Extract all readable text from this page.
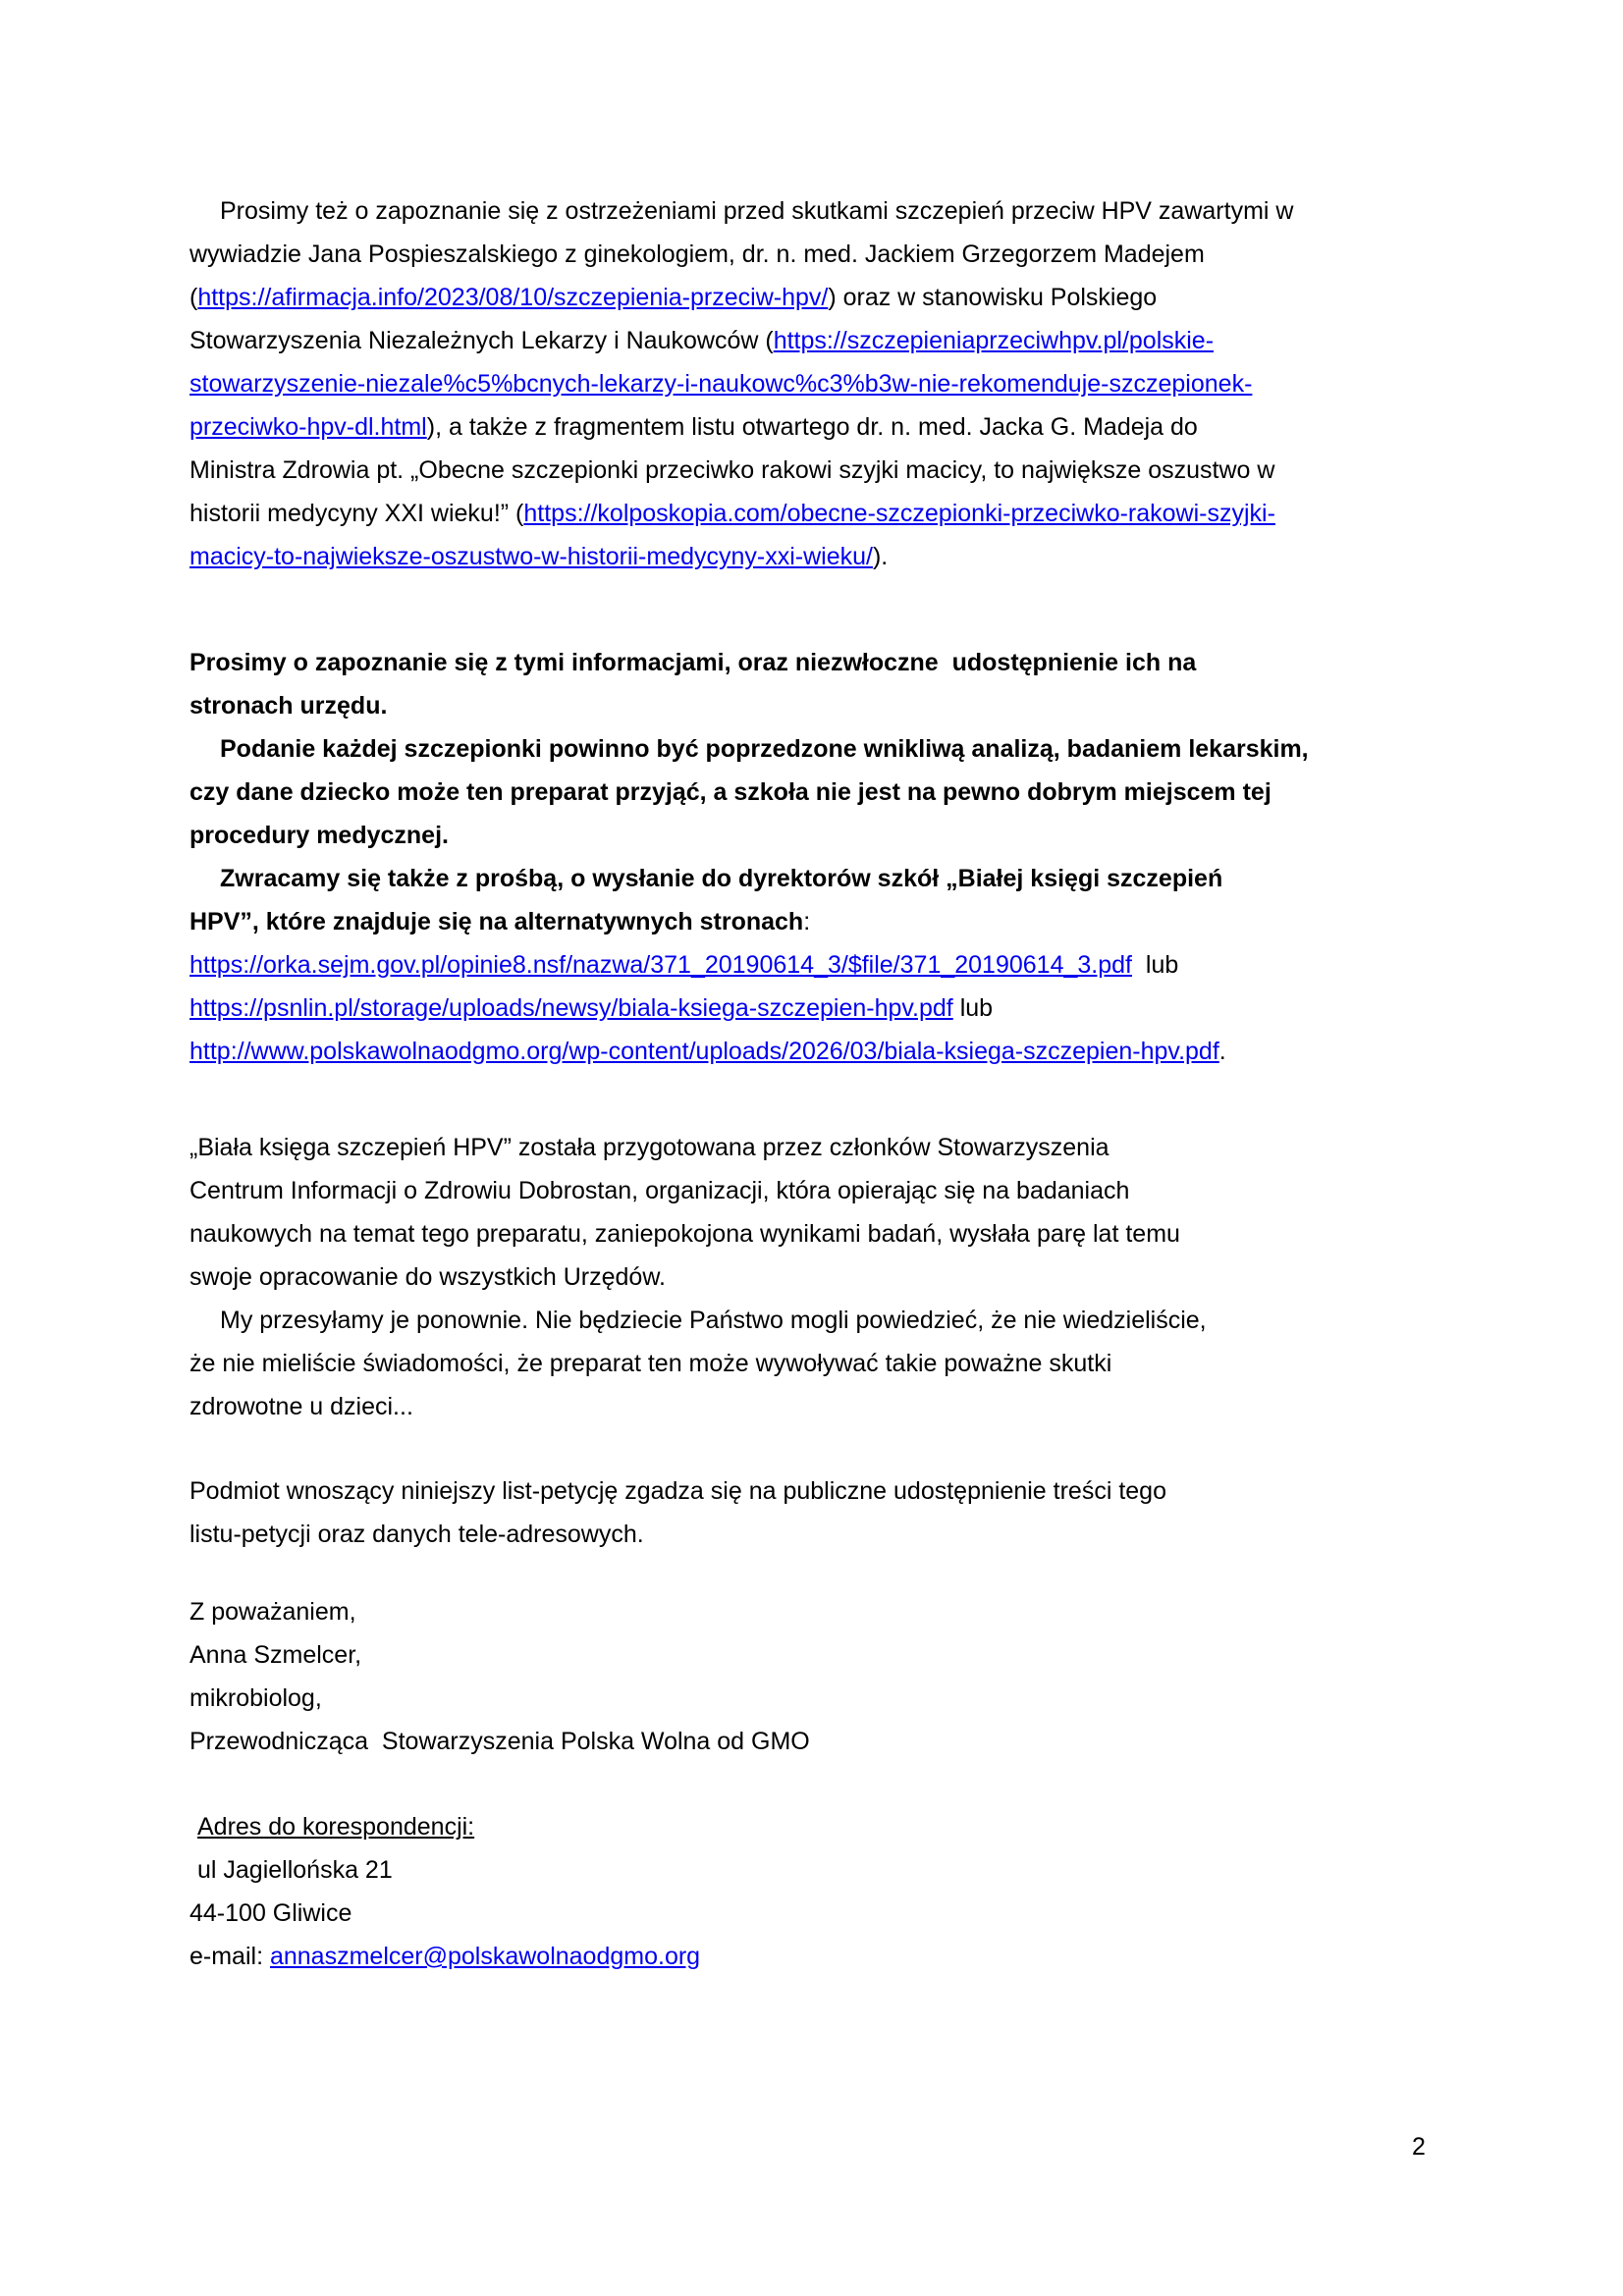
Prosimy też o zapoznanie się z ostrzeżeniami przed skutkami szczepień przeciw HPV zawartymi w
wywiadzie Jana Pospieszalskiego z ginekologiem, dr. n. med. Jackiem Grzegorzem Madejem
(https://afirmacja.info/2023/08/10/szczepienia-przeciw-hpv/) oraz w stanowisku Polskiego
Stowarzyszenia Niezależnych Lekarzy i Naukowców (https://szczepieniaprzeciwhpv.pl/polskie-
stowarzyszenie-niezale%c5%bcnych-lekarzy-i-naukowc%c3%b3w-nie-rekomenduje-szczepionek-
przeciwko-hpv-dl.html), a także z fragmentem listu otwartego dr. n. med. Jacka G. Madeja do
Ministra Zdrowia pt. „Obecne szczepionki przeciwko rakowi szyjki macicy, to największe oszustwo w
historii medycyny XXI wieku!” (https://kolposkopia.com/obecne-szczepionki-przeciwko-rakowi-szyjki-
macicy-to-najwieksze-oszustwo-w-historii-medycyny-xxi-wieku/).
Prosimy o zapoznanie się z tymi informacjami, oraz niezwłoczne  udostępnienie ich na
stronach urzędu.
Podanie każdej szczepionki powinno być poprzedzone wnikliwą analizą, badaniem lekarskim,
czy dane dziecko może ten preparat przyjąć, a szkoła nie jest na pewno dobrym miejscem tej
procedury medycznej.
Zwracamy się także z prośbą, o wysłanie do dyrektorów szkół „Białej księgi szczepień
HPV”, które znajduje się na alternatywnych stronach:
https://orka.sejm.gov.pl/opinie8.nsf/nazwa/371_20190614_3/$file/371_20190614_3.pdf  lub
https://psnlin.pl/storage/uploads/newsy/biala-ksiega-szczepien-hpv.pdf lub
http://www.polskawolnaodgmo.org/wp-content/uploads/2026/03/biala-ksiega-szczepien-hpv.pdf.
„Biała księga szczepień HPV” została przygotowana przez członków Stowarzyszenia
Centrum Informacji o Zdrowiu Dobrostan, organizacji, która opierając się na badaniach
naukowych na temat tego preparatu, zaniepokojona wynikami badań, wysłała parę lat temu
swoje opracowanie do wszystkich Urzędów.
My przesyłamy je ponownie. Nie będziecie Państwo mogli powiedzieć, że nie wiedzieliście,
że nie mieliście świadomości, że preparat ten może wywoływać takie poważne skutki
zdrowotne u dzieci...
Podmiot wnoszący niniejszy list-petycję zgadza się na publiczne udostępnienie treści tego
listu-petycji oraz danych tele-adresowych.
Z poważaniem,
Anna Szmelcer,
mikrobiolog,
Przewodnicząca  Stowarzyszenia Polska Wolna od GMO
Adres do korespondencji:
ul Jagiellońska 21
44-100 Gliwice
e-mail: annaszmelcer@polskawolnaodgmo.org
2
